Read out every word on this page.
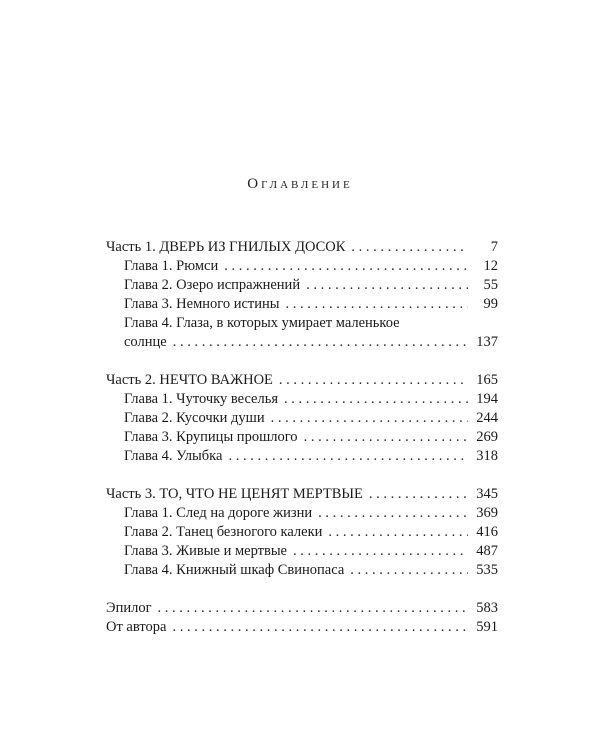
Оглавление
Часть 1. ДВЕРЬ ИЗ ГНИЛЫХ ДОСОК . . .	7
Глава 1. Рюмси . . .	12
Глава 2. Озеро испражнений . . .	55
Глава 3. Немного истины . . .	99
Глава 4. Глаза, в которых умирает маленькое
солнце . . .	137
Часть 2. НЕЧТО ВАЖНОЕ . . .	165
Глава 1. Чуточку веселья . . .	194
Глава 2. Кусочки души . . .	244
Глава 3. Крупицы прошлого . . .	269
Глава 4. Улыбка . . .	318
Часть 3. ТО, ЧТО НЕ ЦЕНЯТ МЕРТВЫЕ . . .	345
Глава 1. След на дороге жизни . . .	369
Глава 2. Танец безногого калеки . . .	416
Глава 3. Живые и мертвые . . .	487
Глава 4. Книжный шкаф Свинопаса . . .	535
Эпилог . . .	583
От автора . . .	591
